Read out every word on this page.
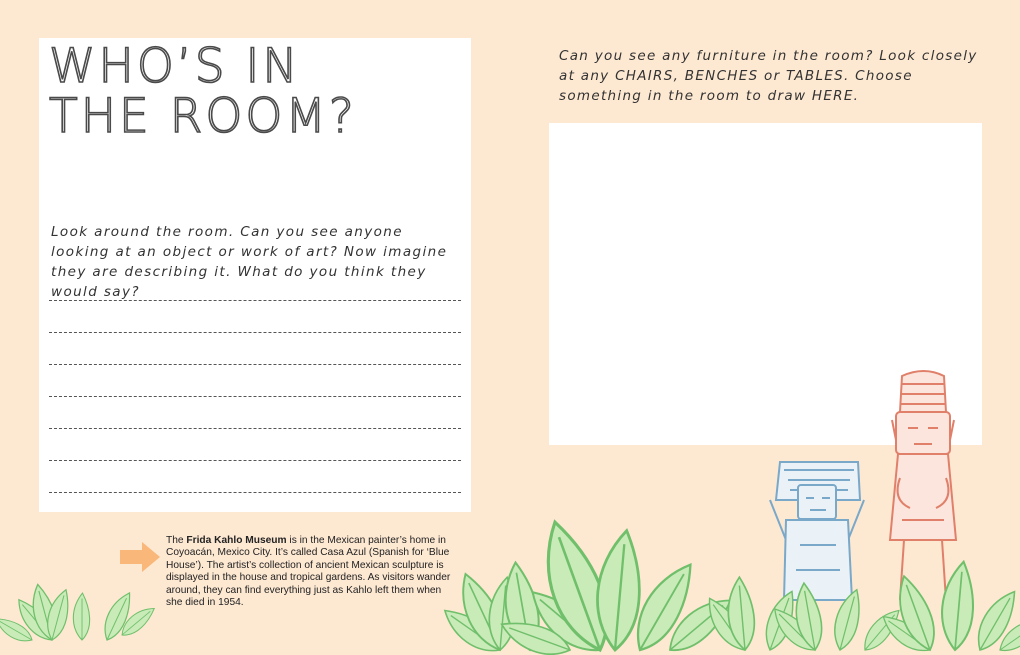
WHO’S IN
THE ROOM?

Look around the room. Can you see anyone looking at an object or work of art? Now imagine they are describing it. What do you think they would say?

Can you see any furniture in the room? Look closely at any CHAIRS, BENCHES or TABLES. Choose something in the room to draw HERE.

The Frida Kahlo Museum is in the Mexican painter’s home in Coyoacán, Mexico City. It’s called Casa Azul (Spanish for ‘Blue House’). The artist’s collection of ancient Mexican sculpture is displayed in the house and tropical gardens. As visitors wander around, they can find everything just as Kahlo left them when she died in 1954.
